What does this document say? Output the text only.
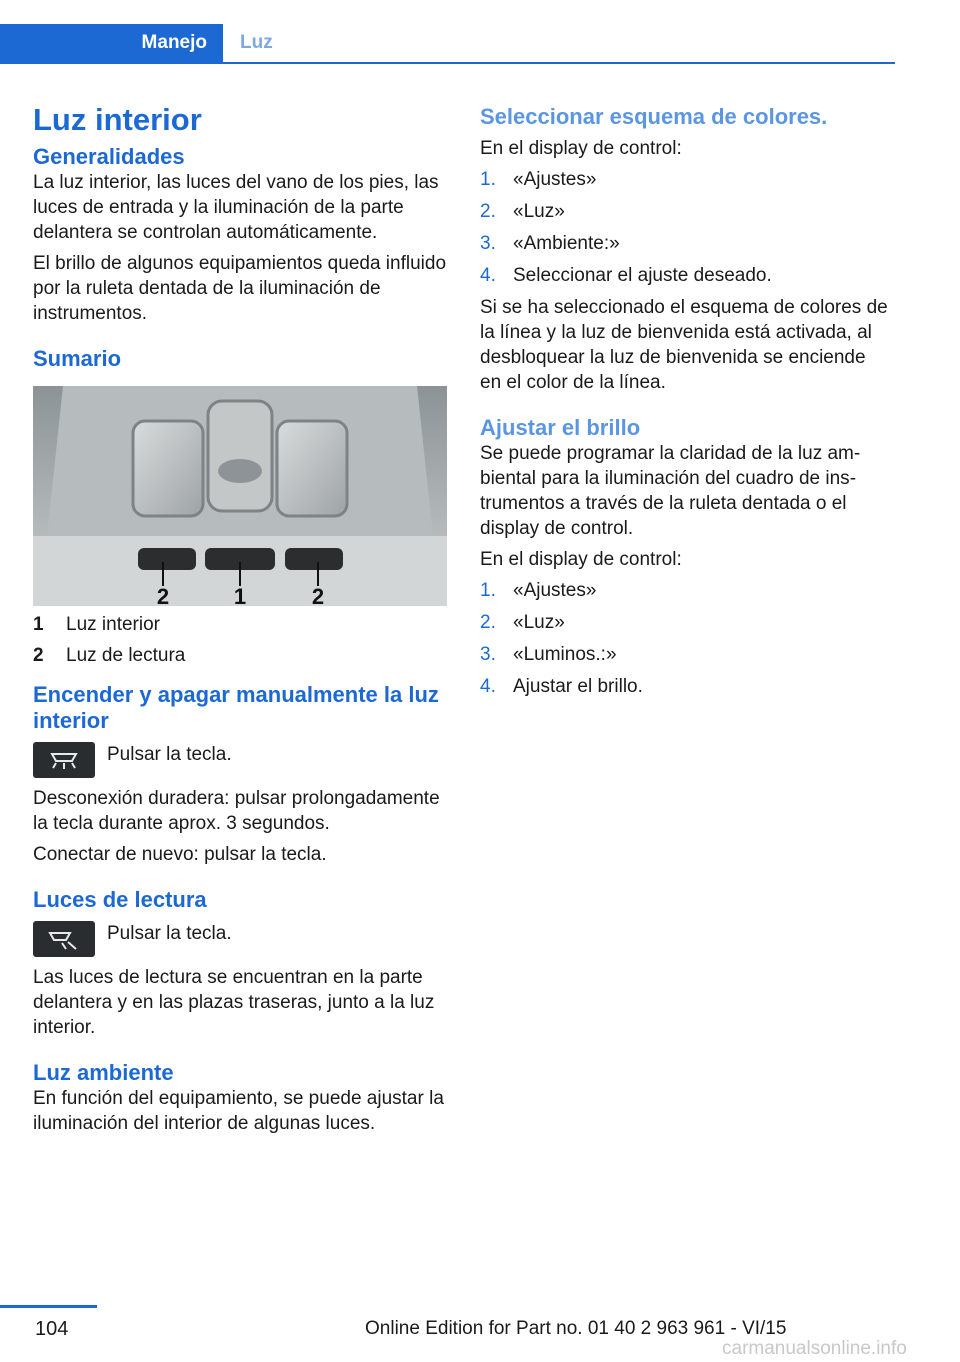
Manejo	Luz
Luz interior
Generalidades

La luz interior, las luces del vano de los pies, las luces de entrada y la iluminación de la parte delantera se controlan automáticamente.

El brillo de algunos equipamientos queda influido por la ruleta dentada de la iluminación de instrumentos.

Sumario
2	1	2
1	Luz interior
2	Luz de lectura
Encender y apagar manualmente la luz interior

Pulsar la tecla.

Desconexión duradera: pulsar prolongadamente la tecla durante aprox. 3 segundos.

Conectar de nuevo: pulsar la tecla.

Luces de lectura

Pulsar la tecla.

Las luces de lectura se encuentran en la parte delantera y en las plazas traseras, junto a la luz interior.

Luz ambiente

En función del equipamiento, se puede ajustar la iluminación del interior de algunas luces.

Seleccionar esquema de colores.

En el display de control:

1. «Ajustes»
2. «Luz»
3. «Ambiente:»
4. Seleccionar el ajuste deseado.

Si se ha seleccionado el esquema de colores de la línea y la luz de bienvenida está activada, al desbloquear la luz de bienvenida se enciende en el color de la línea.

Ajustar el brillo

Se puede programar la claridad de la luz ambiental para la iluminación del cuadro de instrumentos a través de la ruleta dentada o el display de control.

En el display de control:

1. «Ajustes»
2. «Luz»
3. «Luminos.:»
4. Ajustar el brillo.
104	Online Edition for Part no. 01 40 2 963 961 - VI/15
carmanualsonline.info
